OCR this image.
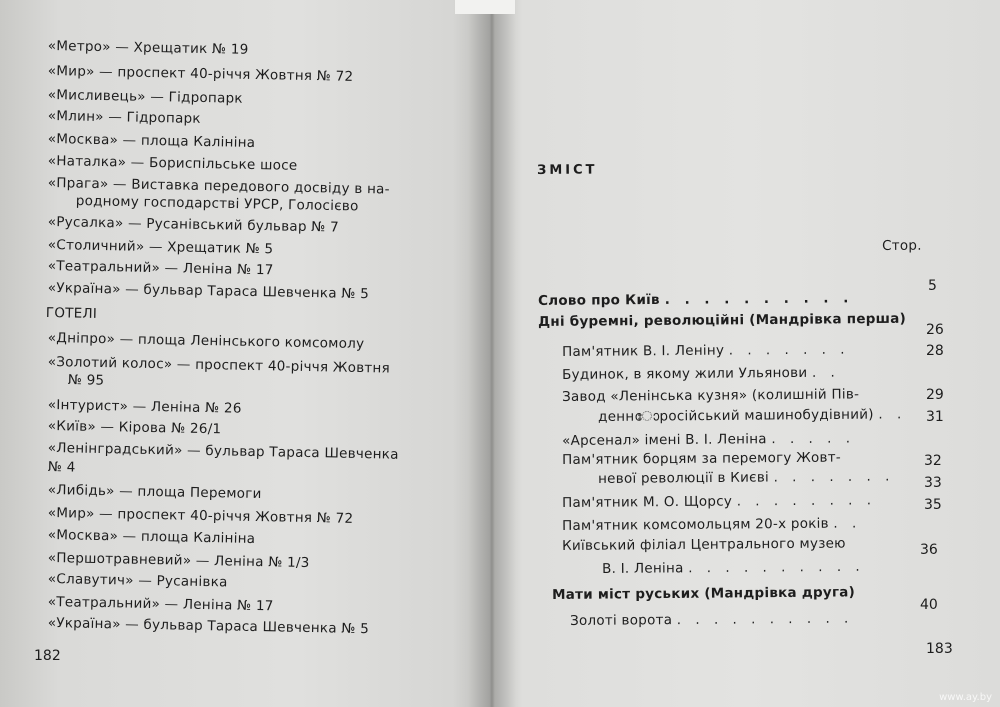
«Метро» — Хрещатик № 19
«Мир» — проспект 40-річчя Жовтня № 72
«Мисливець» — Гідропарк
«Млин» — Гідропарк
«Москва» — площа Калініна
«Наталка» — Бориспільське шосе
«Прага» — Виставка передового досвіду в на-
родному господарстві УРСР, Голосієво
«Русалка» — Русанівський бульвар № 7
«Столичний» — Хрещатик № 5
«Театральний» — Леніна № 17
«Україна» — бульвар Тараса Шевченка № 5
ГОТЕЛІ
«Дніпро» — площа Ленінського комсомолу
«Золотий колос» — проспект 40-річчя Жовтня
№ 95
«Інтурист» — Леніна № 26
«Київ» — Кірова № 26/1
«Ленінградський» — бульвар Тараса Шевченка
№ 4
«Либідь» — площа Перемоги
«Мир» — проспект 40-річчя Жовтня № 72
«Москва» — площа Калініна
«Першотравневий» — Леніна № 1/3
«Славутич» — Русанівка
«Театральний» — Леніна № 17
«Україна» — бульвар Тараса Шевченка № 5
182
ЗМІСТ
Стор.
Слово про Київ . . . . . . . . . .
5
Дні буремні, революційні (Мандрівка перша)
Пам'ятник В. І. Леніну . . . . . . .
26
Будинок, в якому жили Ульянови . .
28
Завод «Ленінська кузня» (колишній Пів-
деннോросійський машинобудівний) . .
29
«Арсенал» імені В. І. Леніна . . . . .
31
Пам'ятник борцям за перемогу Жовт-
невої революції в Києві . . . . . . .
32
Пам'ятник М. О. Щорсу . . . . . . . .
33
Пам'ятник комсомольцям 20-х років . .
35
Київський філіал Центрального музею
В. І. Леніна . . . . . . . . . .
36
Мати міст руських (Мандрівка друга)
Золоті ворота . . . . . . . . . .
40
183
www.ay.by
